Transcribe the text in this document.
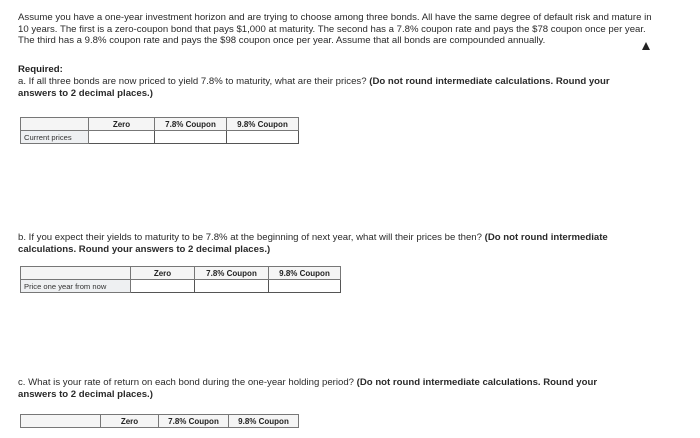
Assume you have a one-year investment horizon and are trying to choose among three bonds. All have the same degree of default risk and mature in 10 years. The first is a zero-coupon bond that pays $1,000 at maturity. The second has a 7.8% coupon rate and pays the $78 coupon once per year. The third has a 9.8% coupon rate and pays the $98 coupon once per year. Assume that all bonds are compounded annually.
Required:
a. If all three bonds are now priced to yield 7.8% to maturity, what are their prices? (Do not round intermediate calculations. Round your answers to 2 decimal places.)
	Zero	7.8% Coupon	9.8% Coupon
Current prices			
b. If you expect their yields to maturity to be 7.8% at the beginning of next year, what will their prices be then? (Do not round intermediate calculations. Round your answers to 2 decimal places.)
	Zero	7.8% Coupon	9.8% Coupon
Price one year from now			
c. What is your rate of return on each bond during the one-year holding period? (Do not round intermediate calculations. Round your answers to 2 decimal places.)
	Zero	7.8% Coupon	9.8% Coupon
